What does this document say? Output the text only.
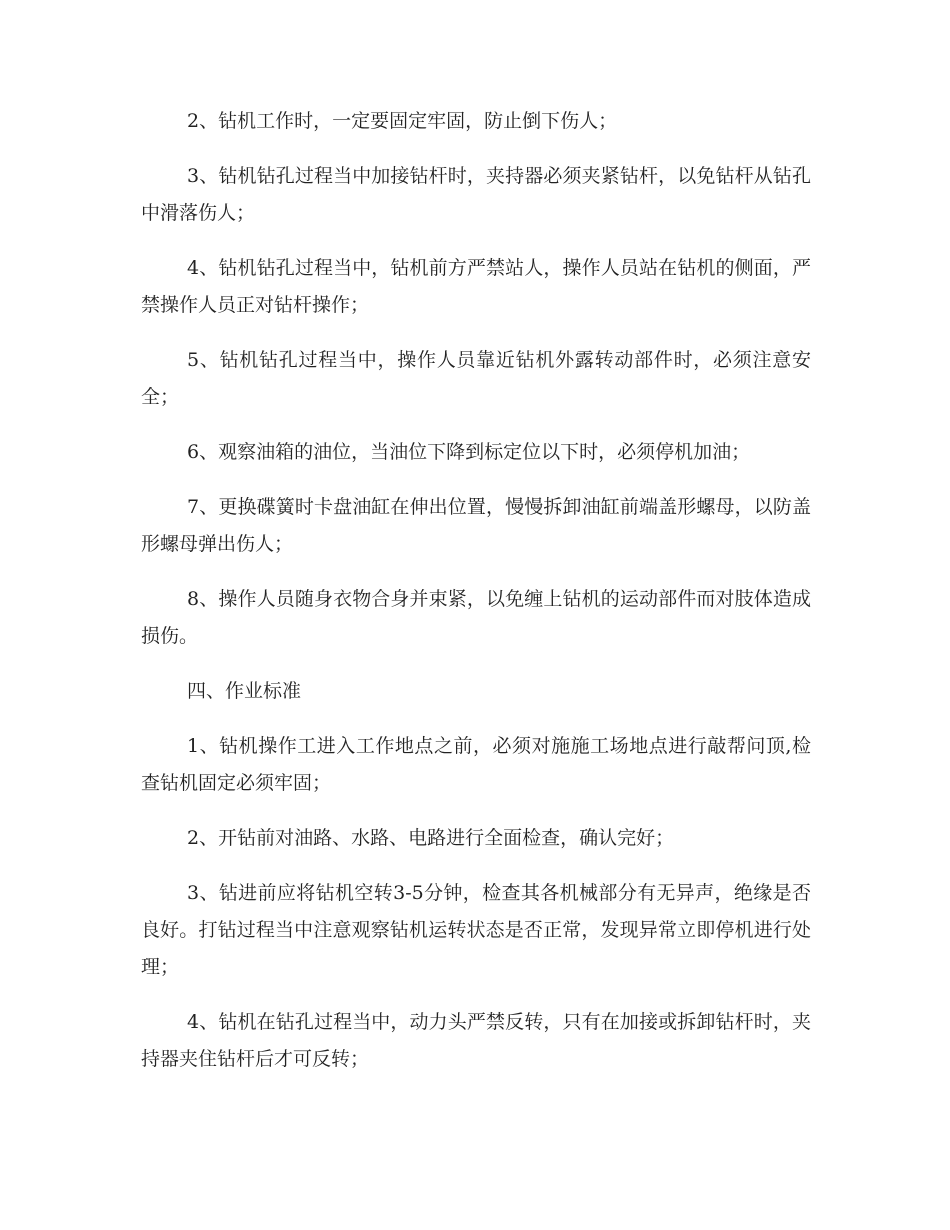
2、钻机工作时，一定要固定牢固，防止倒下伤人；

3、钻机钻孔过程当中加接钻杆时，夹持器必须夹紧钻杆，以免钻杆从钻孔中滑落伤人；

4、钻机钻孔过程当中，钻机前方严禁站人，操作人员站在钻机的侧面，严禁操作人员正对钻杆操作；

5、钻机钻孔过程当中，操作人员靠近钻机外露转动部件时，必须注意安全；

6、观察油箱的油位，当油位下降到标定位以下时，必须停机加油；

7、更换碟簧时卡盘油缸在伸出位置，慢慢拆卸油缸前端盖形螺母，以防盖形螺母弹出伤人；

8、操作人员随身衣物合身并束紧，以免缠上钻机的运动部件而对肢体造成损伤。

四、作业标准

1、钻机操作工进入工作地点之前，必须对施施工场地点进行敲帮问顶,检查钻机固定必须牢固；

2、开钻前对油路、水路、电路进行全面检查，确认完好；

3、钻进前应将钻机空转3-5分钟，检查其各机械部分有无异声，绝缘是否良好。打钻过程当中注意观察钻机运转状态是否正常，发现异常立即停机进行处理；

4、钻机在钻孔过程当中，动力头严禁反转，只有在加接或拆卸钻杆时，夹持器夹住钻杆后才可反转；
